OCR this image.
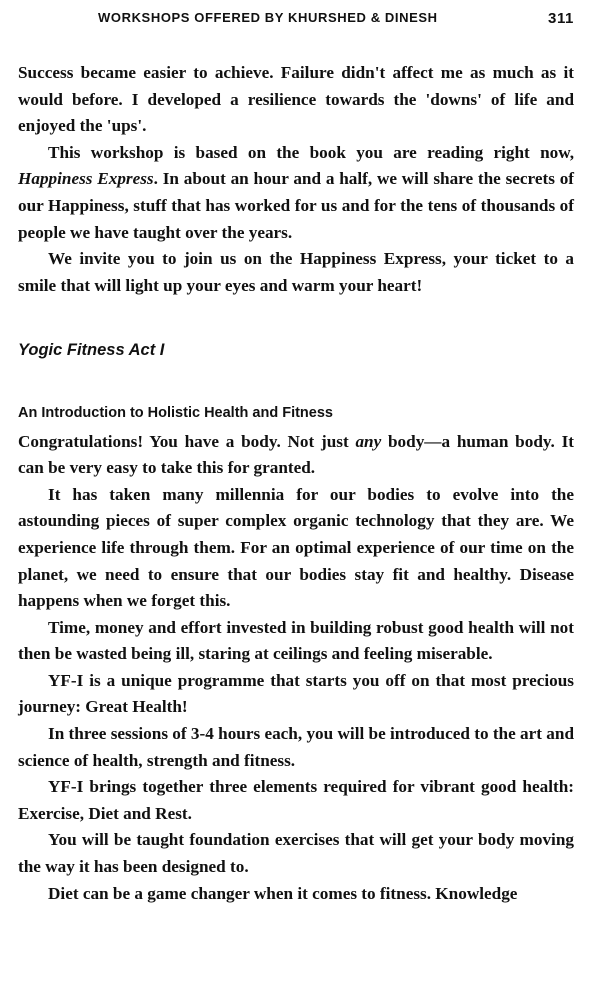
WORKSHOPS OFFERED BY KHURSHED & DINESH	311

Success became easier to achieve. Failure didn't affect me as much as it would before. I developed a resilience towards the 'downs' of life and enjoyed the 'ups'.

This workshop is based on the book you are reading right now, Happiness Express. In about an hour and a half, we will share the secrets of our Happiness, stuff that has worked for us and for the tens of thousands of people we have taught over the years.

We invite you to join us on the Happiness Express, your ticket to a smile that will light up your eyes and warm your heart!

Yogic Fitness Act I
An Introduction to Holistic Health and Fitness

Congratulations! You have a body. Not just any body—a human body. It can be very easy to take this for granted.

It has taken many millennia for our bodies to evolve into the astounding pieces of super complex organic technology that they are. We experience life through them. For an optimal experience of our time on the planet, we need to ensure that our bodies stay fit and healthy. Disease happens when we forget this.

Time, money and effort invested in building robust good health will not then be wasted being ill, staring at ceilings and feeling miserable.

YF-I is a unique programme that starts you off on that most precious journey: Great Health!

In three sessions of 3-4 hours each, you will be introduced to the art and science of health, strength and fitness.

YF-I brings together three elements required for vibrant good health: Exercise, Diet and Rest.

You will be taught foundation exercises that will get your body moving the way it has been designed to.

Diet can be a game changer when it comes to fitness. Knowledge
